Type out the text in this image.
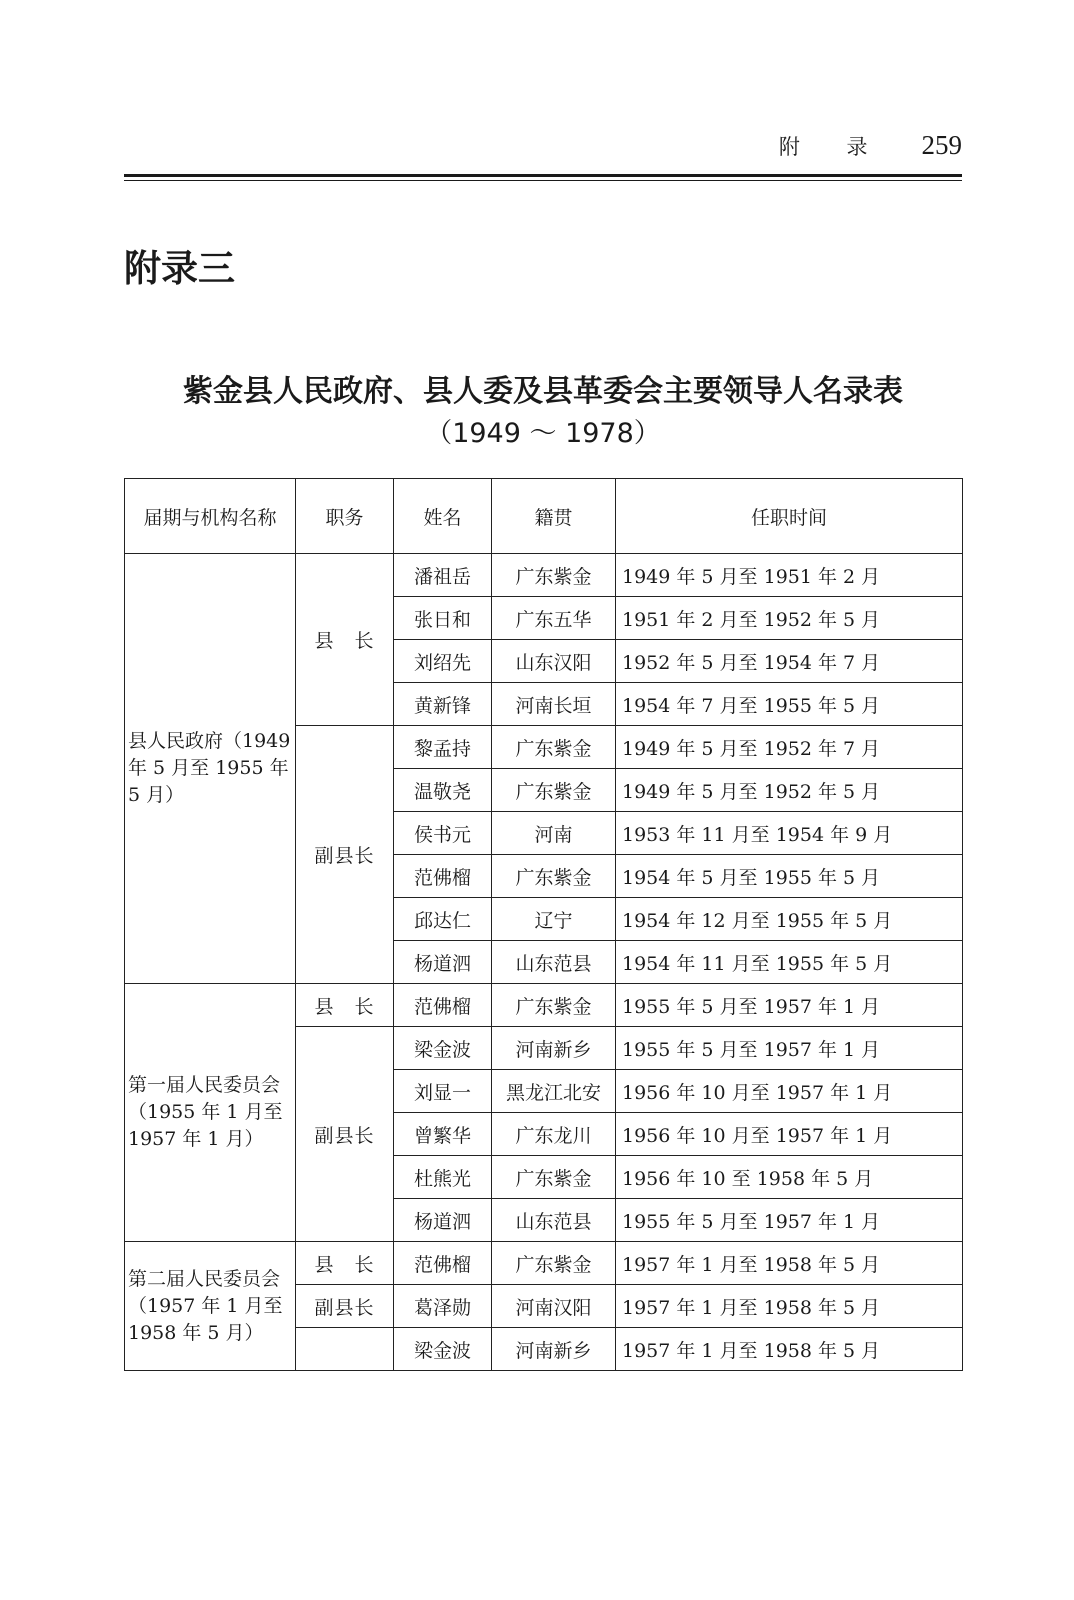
附 录 259
附录三
紫金县人民政府、县人委及县革委会主要领导人名录表
（1949 ～ 1978）
届期与机构名称	职务	姓名	籍贯	任职时间
县人民政府（1949 年 5 月至 1955 年 5 月）	县　长	潘祖岳	广东紫金	1949 年 5 月至 1951 年 2 月
		张日和	广东五华	1951 年 2 月至 1952 年 5 月
		刘绍先	山东汉阳	1952 年 5 月至 1954 年 7 月
		黄新锋	河南长垣	1954 年 7 月至 1955 年 5 月
	副县长	黎孟持	广东紫金	1949 年 5 月至 1952 年 7 月
		温敬尧	广东紫金	1949 年 5 月至 1952 年 5 月
		侯书元	河南	1953 年 11 月至 1954 年 9 月
		范佛榴	广东紫金	1954 年 5 月至 1955 年 5 月
		邱达仁	辽宁	1954 年 12 月至 1955 年 5 月
		杨道泗	山东范县	1954 年 11 月至 1955 年 5 月
第一届人民委员会（1955 年 1 月至 1957 年 1 月）	县　长	范佛榴	广东紫金	1955 年 5 月至 1957 年 1 月
	副县长	梁金波	河南新乡	1955 年 5 月至 1957 年 1 月
		刘显一	黑龙江北安	1956 年 10 月至 1957 年 1 月
		曾繁华	广东龙川	1956 年 10 月至 1957 年 1 月
		杜熊光	广东紫金	1956 年 10 至 1958 年 5 月
		杨道泗	山东范县	1955 年 5 月至 1957 年 1 月
第二届人民委员会（1957 年 1 月至 1958 年 5 月）	县　长	范佛榴	广东紫金	1957 年 1 月至 1958 年 5 月
	副县长	葛泽勋	河南汉阳	1957 年 1 月至 1958 年 5 月
		梁金波	河南新乡	1957 年 1 月至 1958 年 5 月
